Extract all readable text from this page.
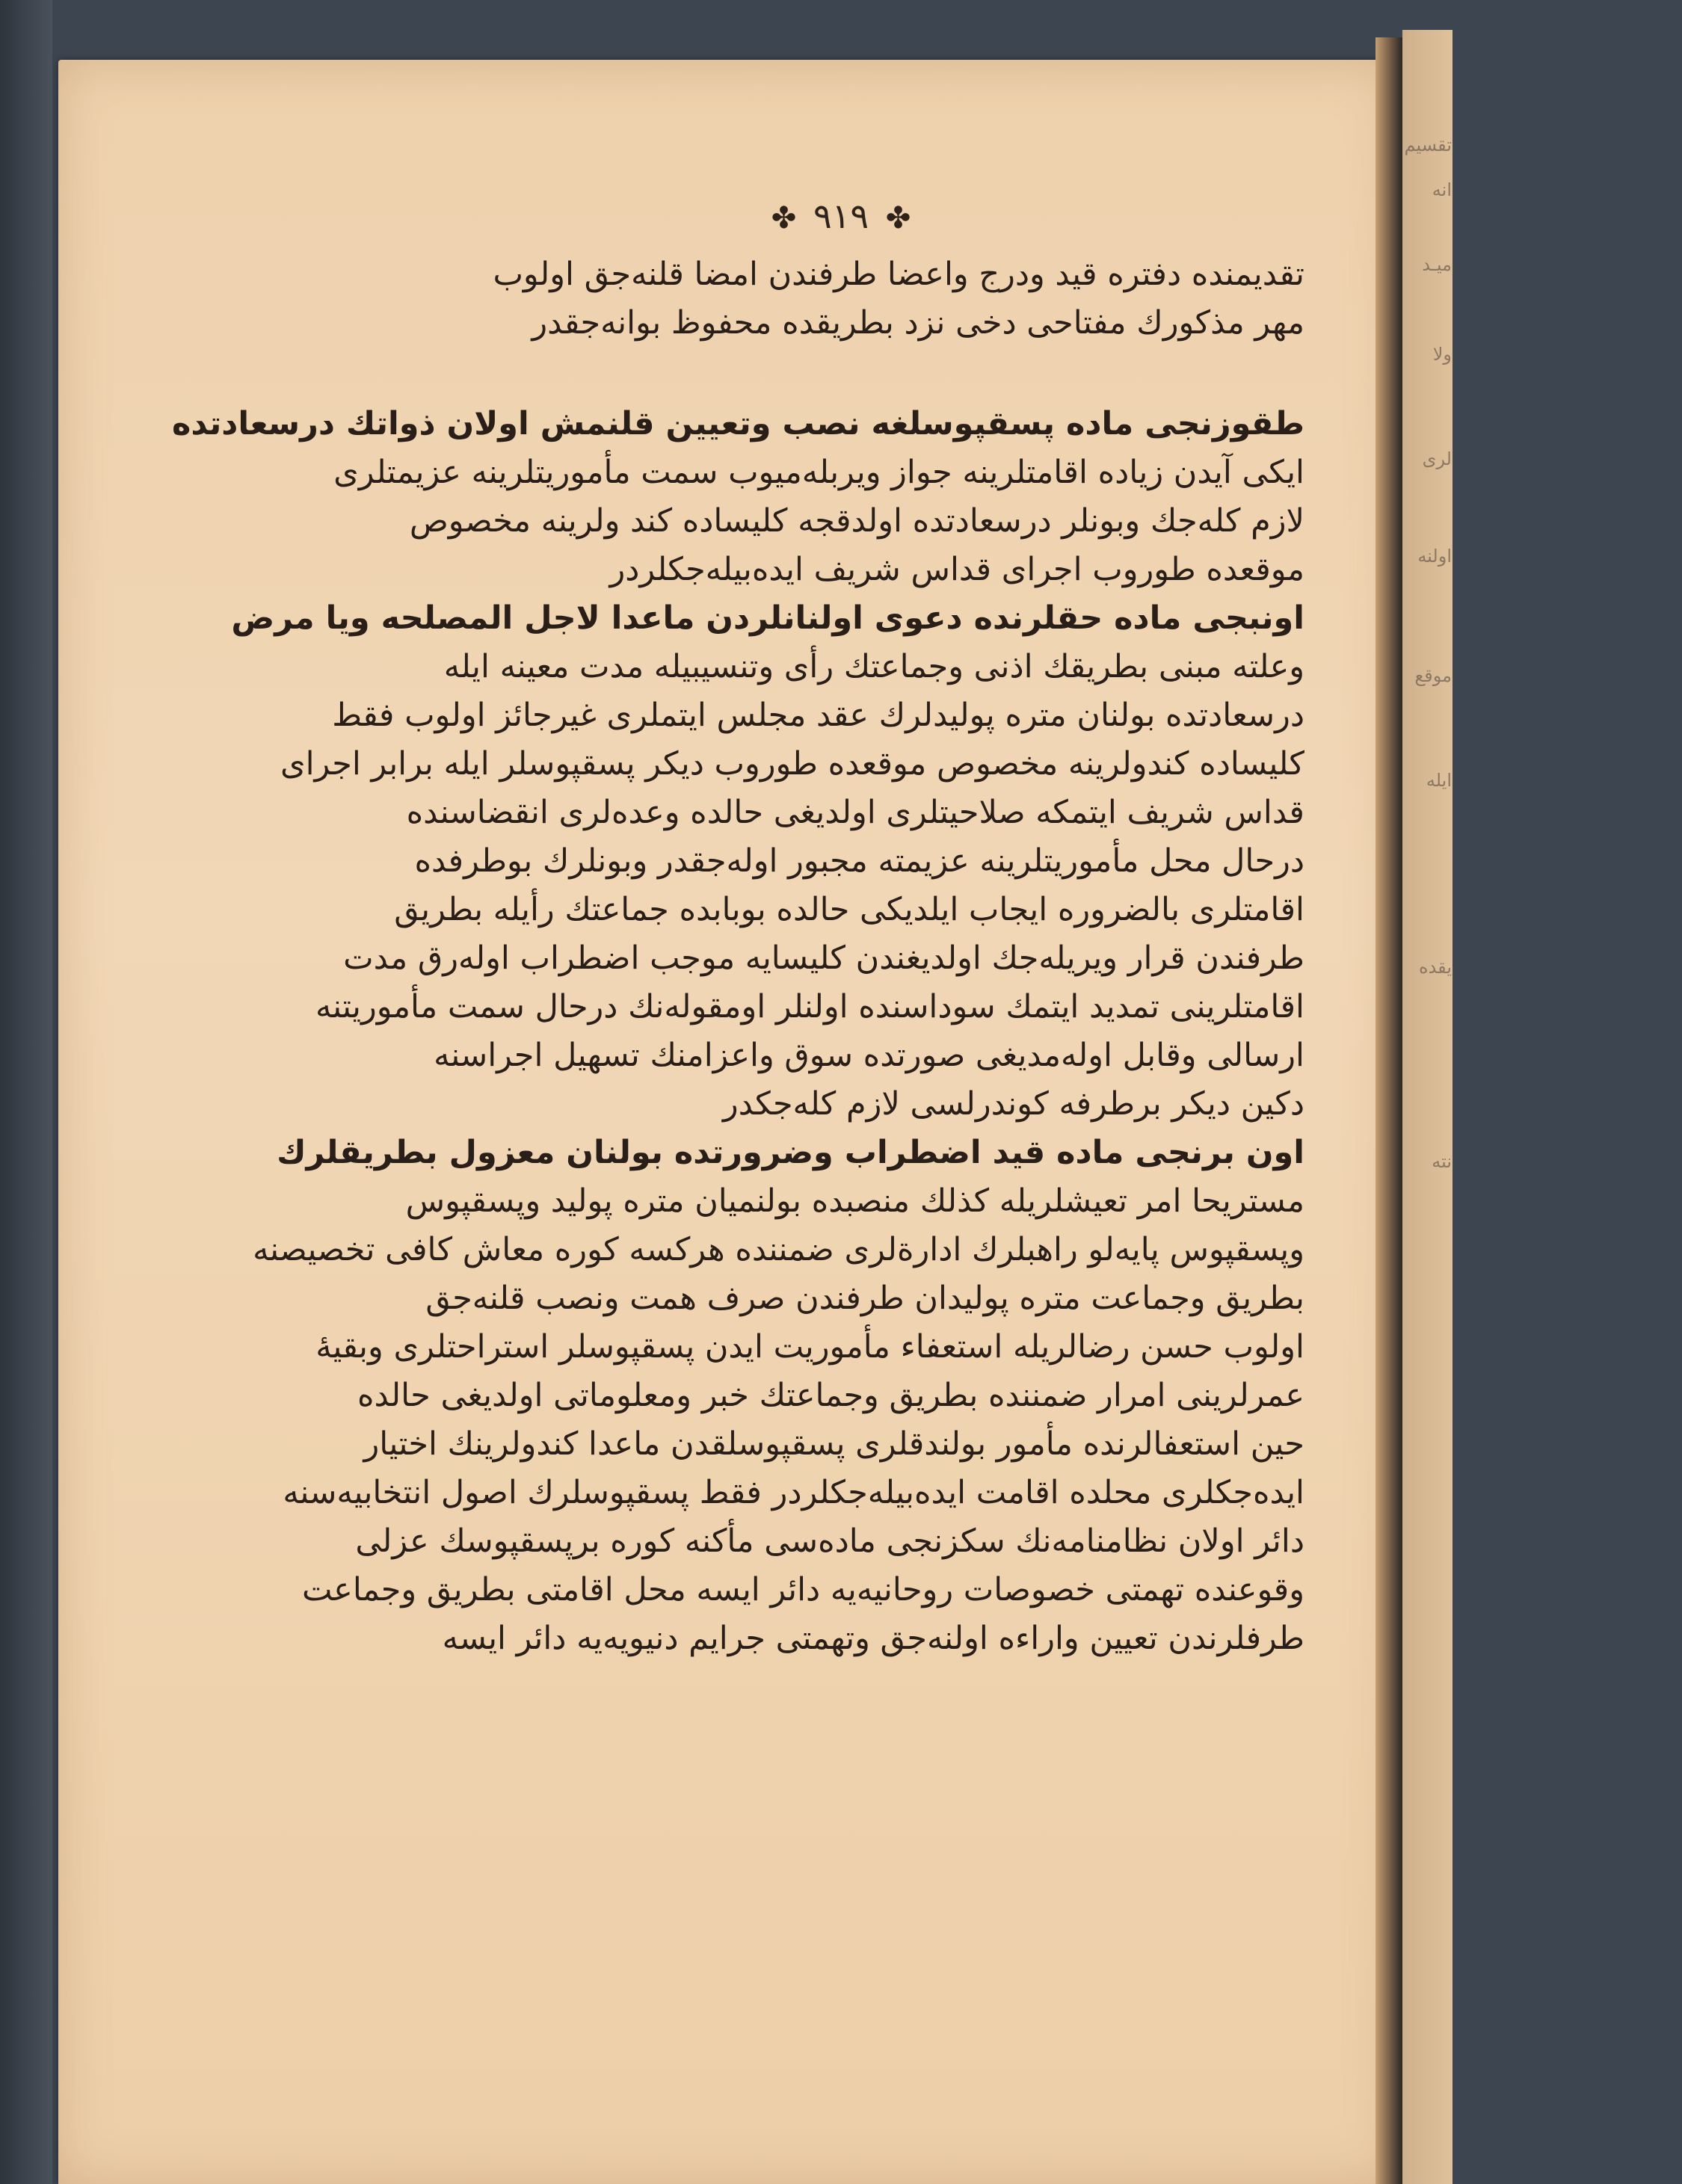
تقسيم
انه
ميـد
ولا
لرى
اولنه
موقع
ايله
يقده
نته
✤ ٩١٩ ✤
تقديمنده دفتره قيد ودرج واعضا طرفندن امضا قلنه‌جق اولوب
مهر مذكورك مفتاحى دخى نزد بطريقده محفوظ بوانه‌جقدر
طقوزنجى ماده پسقپوسلغه نصب وتعيين قلنمش اولان ذواتك درسعادتده
ايكى آيدن زياده اقامتلرينه جواز ويربله‌ميوب سمت مأموريتلرينه عزيمتلرى
لازم كله‌جك وبونلر درسعادتده اولدقجه كليساده كند ولرينه مخصوص
موقعده طوروب اجراى قداس شريف ايده‌بيله‌جكلردر
اونبجى ماده حقلرنده دعوى اولنانلردن ماعدا لاجل المصلحه ويا مرض
وعلته مبنى بطريقك اذنى وجماعتك رأى وتنسيبيله مدت معينه ايله
درسعادتده بولنان متره پوليدلرك عقد مجلس ايتملرى غيرجائز اولوب فقط
كليساده كندولرينه مخصوص موقعده طوروب ديكر پسقپوسلر ايله برابر اجراى
قداس شريف ايتمكه صلاحيتلرى اولديغى حالده وعده‌لرى انقضاسنده
درحال محل مأموريتلرينه عزيمته مجبور اوله‌جقدر وبونلرك بوطرفده
اقامتلرى بالضروره ايجاب ايلديكى حالده بوبابده جماعتك رأيله بطريق
طرفندن قرار ويريله‌جك اولديغندن كليسايه موجب اضطراب اوله‌رق مدت
اقامتلرينى تمديد ايتمك سوداسنده اولنلر اومقوله‌نك درحال سمت مأموريتنه
ارسالى وقابل اوله‌مديغى صورتده سوق واعزامنك تسهيل اجراسنه
دكين ديكر برطرفه كوندرلسى لازم كله‌جكدر
اون برنجى ماده قيد اضطراب وضرورتده بولنان معزول بطريقلرك
مستريحا امر تعيشلريله كذلك منصبده بولنميان متره پوليد وپسقپوس
وپسقپوس پايه‌لو راهبلرك ادارة‌لرى ضمننده هركسه كوره معاش كافى تخصيصنه
بطريق وجماعت متره پوليدان طرفندن صرف همت ونصب قلنه‌جق
اولوب حسن رضالريله استعفاء مأموريت ايدن پسقپوسلر استراحتلرى وبقيهٔ
عمرلرينى امرار ضمننده بطريق وجماعتك خبر ومعلوماتى اولديغى حالده
حين استعفالرنده مأمور بولندقلرى پسقپوسلقدن ماعدا كندولرينك اختيار
ايده‌جكلرى محلده اقامت ايده‌بيله‌جكلردر فقط پسقپوسلرك اصول انتخابيه‌سنه
دائر اولان نظامنامه‌نك سكزنجى ماده‌سى مأكنه كوره برپسقپوسك عزلى
وقوعنده تهمتى خصوصات روحانيه‌يه دائر ايسه محل اقامتى بطريق وجماعت
طرفلرندن تعيين واراءه اولنه‌جق وتهمتى جرايم دنيويه‌يه دائر ايسه
